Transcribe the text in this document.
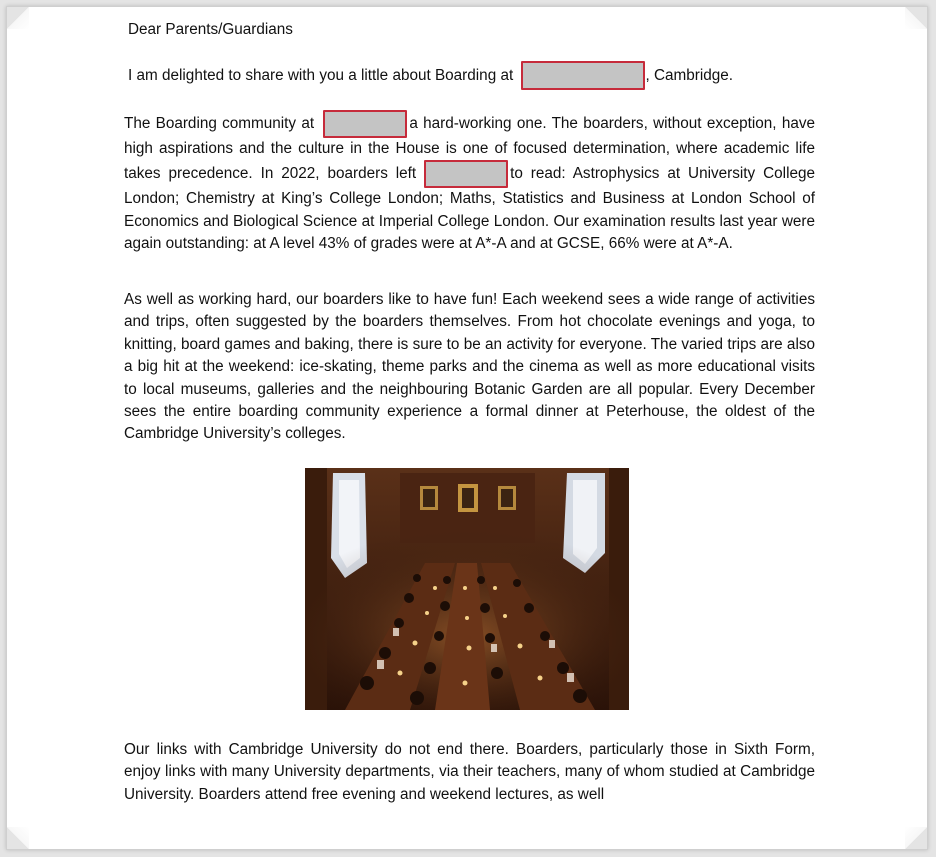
Dear Parents/Guardians
I am delighted to share with you a little about Boarding at	, Cambridge.
The Boarding community at	a hard-working one. The boarders, without exception, have high aspirations and the culture in the House is one of focused determination, where academic life takes precedence. In 2022, boarders left	to read: Astrophysics at University College London; Chemistry at King’s College London; Maths, Statistics and Business at London School of Economics and Biological Science at Imperial College London. Our examination results last year were again outstanding: at A level 43% of grades were at A*-A and at GCSE, 66% were at A*-A.
As well as working hard, our boarders like to have fun! Each weekend sees a wide range of activities and trips, often suggested by the boarders themselves. From hot chocolate evenings and yoga, to knitting, board games and baking, there is sure to be an activity for everyone. The varied trips are also a big hit at the weekend: ice-skating, theme parks and the cinema as well as more educational visits to local museums, galleries and the neighbouring Botanic Garden are all popular. Every December sees the entire boarding community experience a formal dinner at Peterhouse, the oldest of the Cambridge University’s colleges.
Our links with Cambridge University do not end there. Boarders, particularly those in Sixth Form, enjoy links with many University departments, via their teachers, many of whom studied at Cambridge University. Boarders attend free evening and weekend lectures, as well
